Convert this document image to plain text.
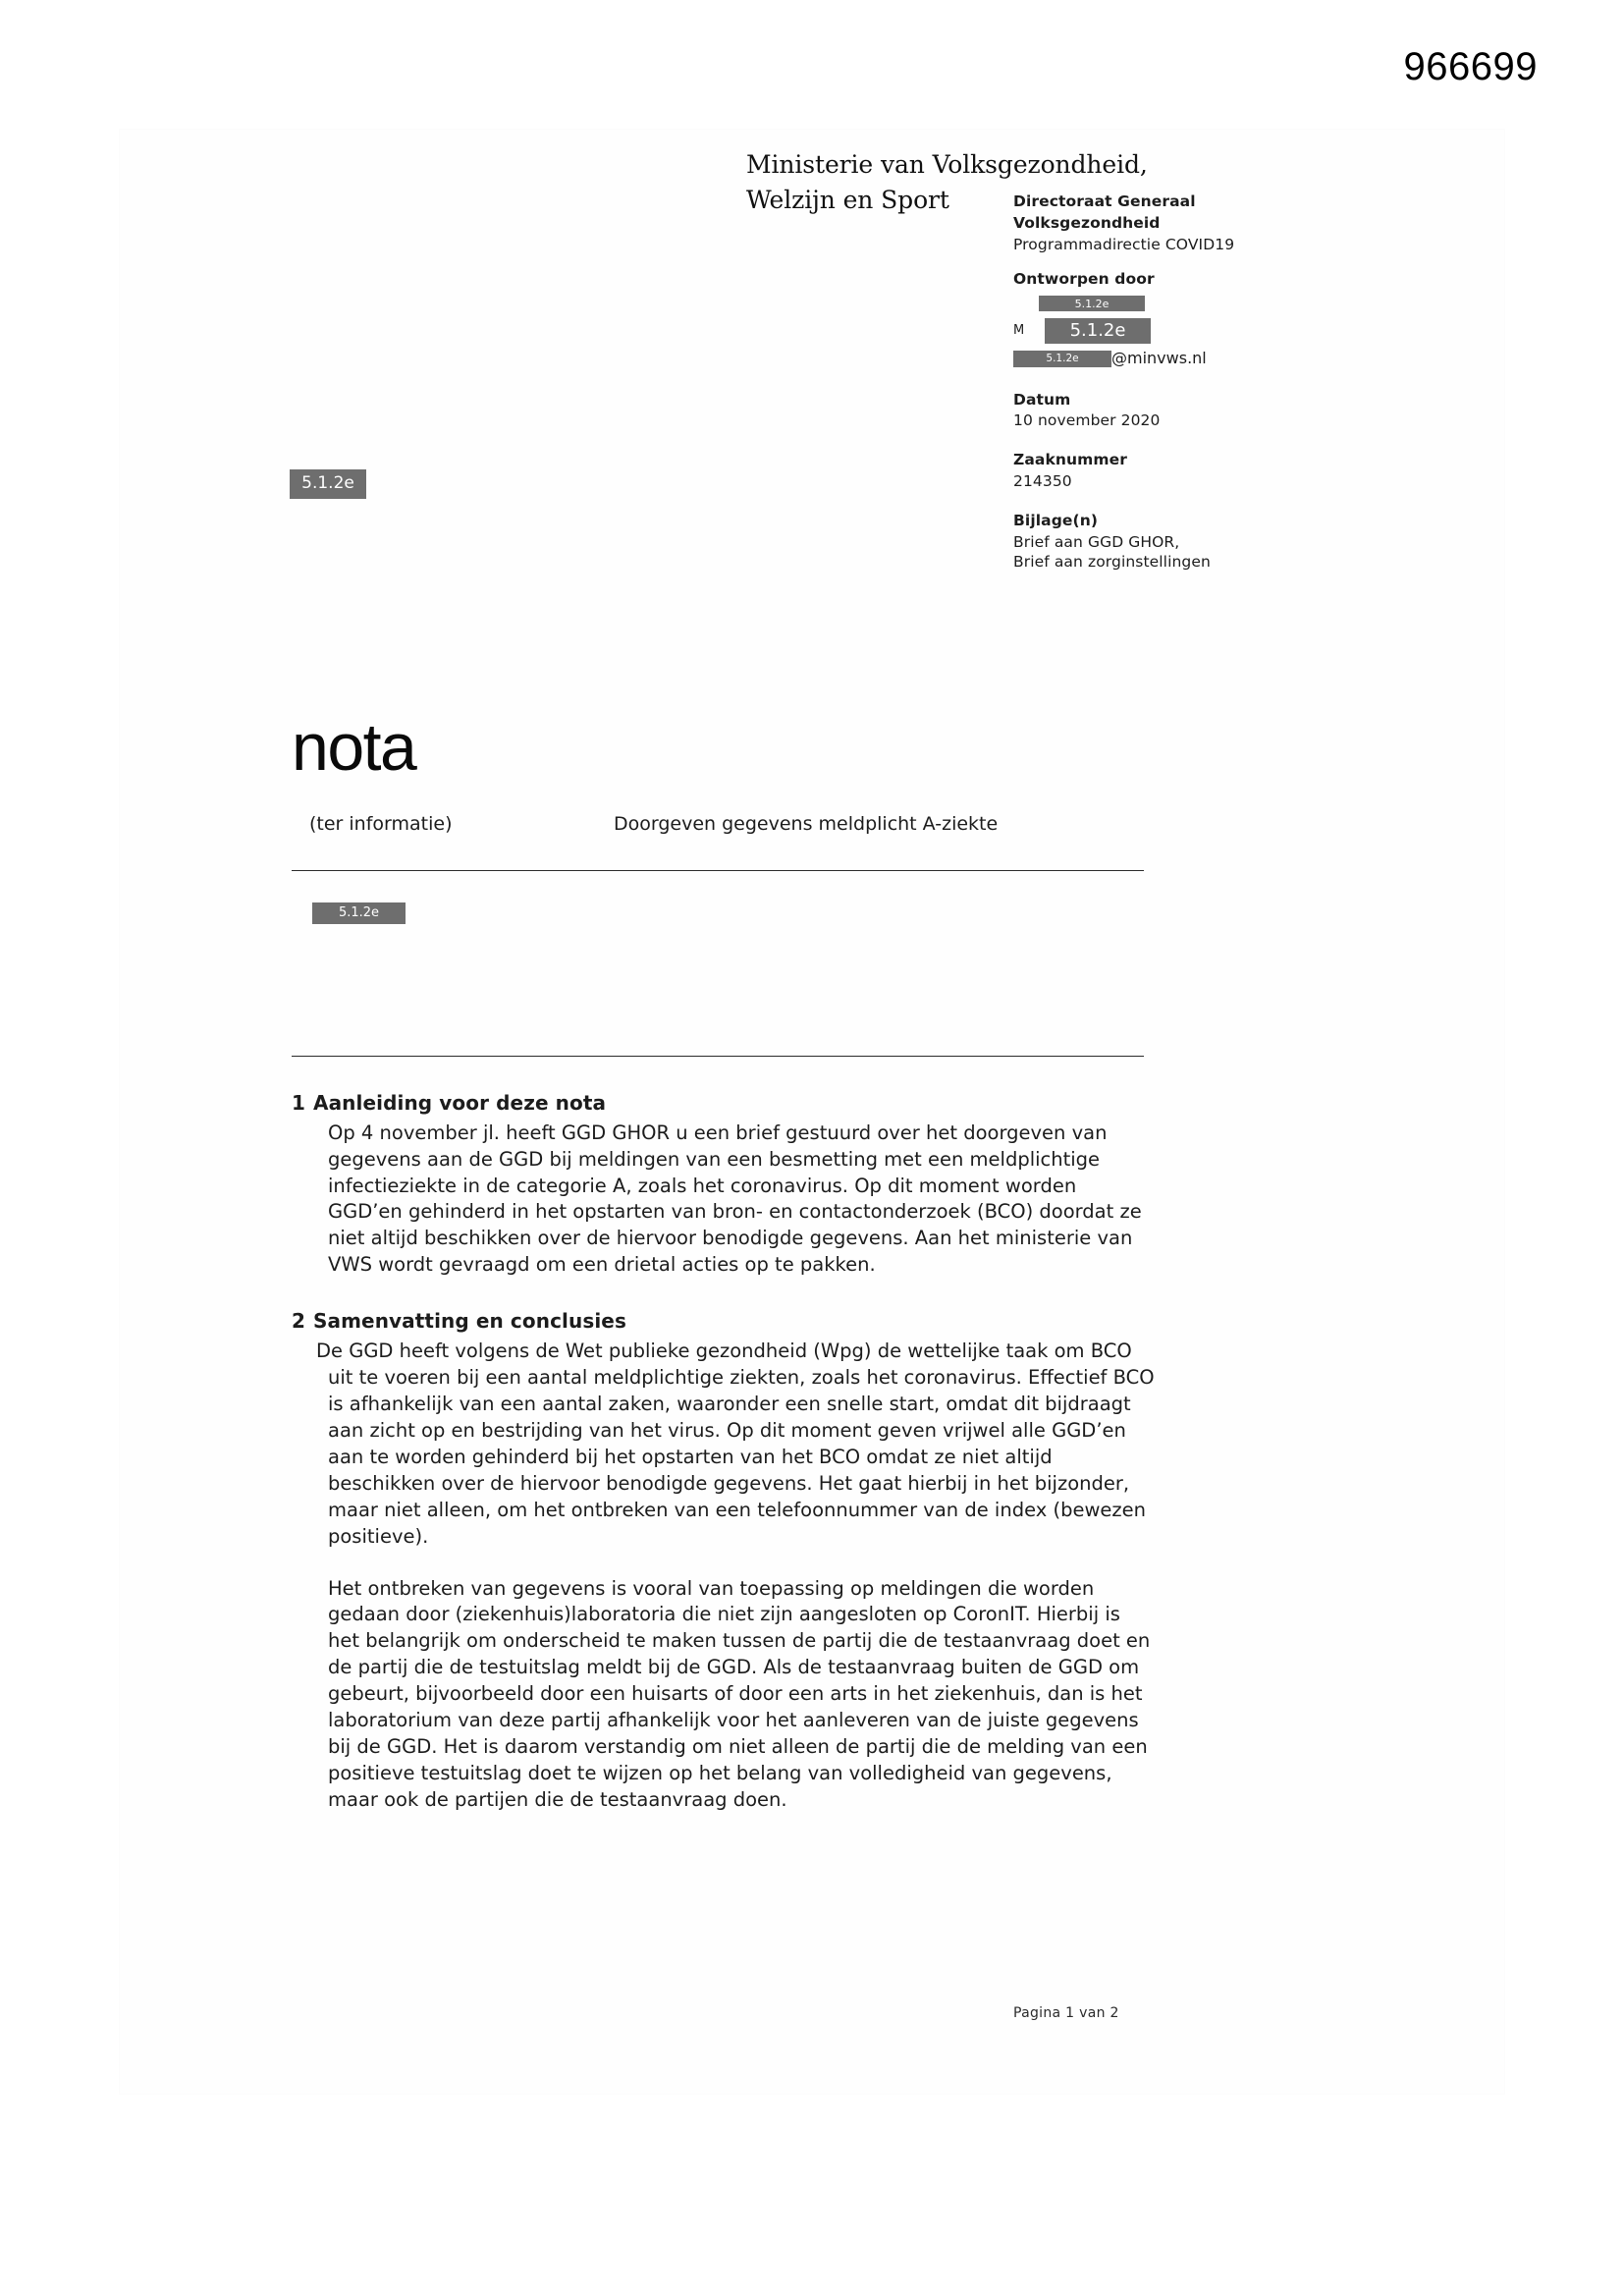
966699
Ministerie van Volksgezondheid,
Welzijn en Sport	Directoraat Generaal
Volksgezondheid
Programmadirectie COVID19
Ontworpen door
5.1.2e
M	5.1.2e
5.1.2e	@minvws.nl
Datum
10 november 2020
Zaaknummer
214350
Bijlage(n)
Brief aan GGD GHOR,
Brief aan zorginstellingen
5.1.2e
5.1.2e
nota
(ter informatie)	Doorgeven gegevens meldplicht A-ziekte
1 Aanleiding voor deze nota

Op 4 november jl. heeft GGD GHOR u een brief gestuurd over het doorgeven van gegevens aan de GGD bij meldingen van een besmetting met een meldplichtige infectieziekte in de categorie A, zoals het coronavirus. Op dit moment worden GGD’en gehinderd in het opstarten van bron- en contactonderzoek (BCO) doordat ze niet altijd beschikken over de hiervoor benodigde gegevens. Aan het ministerie van VWS wordt gevraagd om een drietal acties op te pakken.

2 Samenvatting en conclusies

De GGD heeft volgens de Wet publieke gezondheid (Wpg) de wettelijke taak om BCO uit te voeren bij een aantal meldplichtige ziekten, zoals het coronavirus. Effectief BCO is afhankelijk van een aantal zaken, waaronder een snelle start, omdat dit bijdraagt aan zicht op en bestrijding van het virus. Op dit moment geven vrijwel alle GGD’en aan te worden gehinderd bij het opstarten van het BCO omdat ze niet altijd beschikken over de hiervoor benodigde gegevens. Het gaat hierbij in het bijzonder, maar niet alleen, om het ontbreken van een telefoonnummer van de index (bewezen positieve).

Het ontbreken van gegevens is vooral van toepassing op meldingen die worden gedaan door (ziekenhuis)laboratoria die niet zijn aangesloten op CoronIT. Hierbij is het belangrijk om onderscheid te maken tussen de partij die de testaanvraag doet en de partij die de testuitslag meldt bij de GGD. Als de testaanvraag buiten de GGD om gebeurt, bijvoorbeeld door een huisarts of door een arts in het ziekenhuis, dan is het laboratorium van deze partij afhankelijk voor het aanleveren van de juiste gegevens bij de GGD. Het is daarom verstandig om niet alleen de partij die de melding van een positieve testuitslag doet te wijzen op het belang van volledigheid van gegevens, maar ook de partijen die de testaanvraag doen.

Pagina 1 van 2
